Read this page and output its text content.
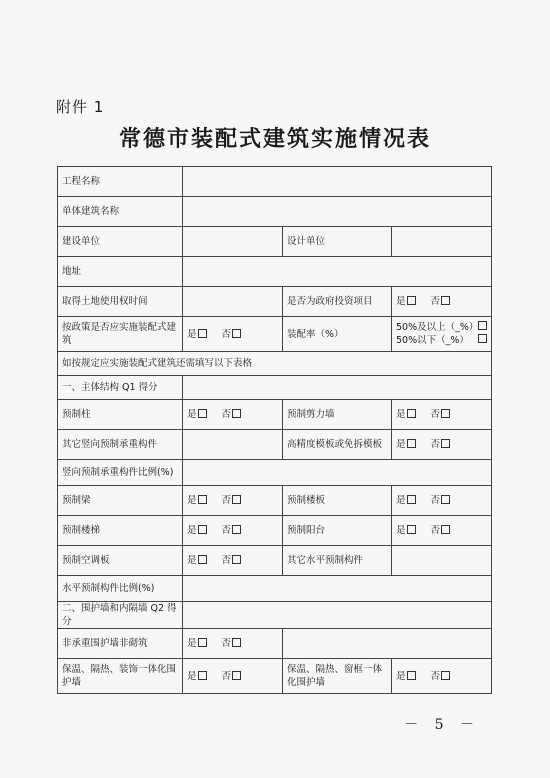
附件 1
常德市装配式建筑实施情况表
工程名称			
单体建筑名称			
建设单位		设计单位	
地址			
取得土地使用权时间		是否为政府投资项目	是 否
按政策是否应实施装配式建筑	是 否	装配率（%）	50%及以上（_%）
50%以下（_%）

如按规定应实施装配式建筑还需填写以下表格			
一、主体结构 Q1 得分			
预制柱	是 否	预制剪力墙	是 否
其它竖向预制承重构件		高精度模板或免拆模板	是 否
竖向预制承重构件比例(%)			
预制梁	是 否	预制楼板	是 否
预制楼梯	是 否	预制阳台	是 否
预制空调板	是 否	其它水平预制构件	
水平预制构件比例(%)			
二、围护墙和内隔墙 Q2 得分			
非承重围护墙非砌筑	是 否		
保温、隔热、装饰一体化围护墙	是 否	保温、隔热、窗框一体化围护墙	是 否
－ 5 －
